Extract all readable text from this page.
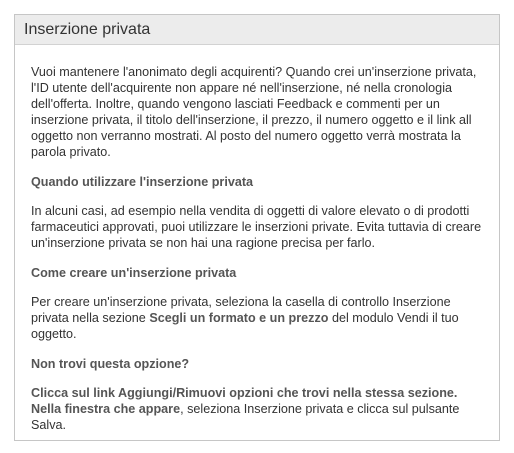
Inserzione privata

Vuoi mantenere l'anonimato degli acquirenti? Quando crei un'inserzione privata, l'ID utente dell'acquirente non appare né nell'inserzione, né nella cronologia dell'offerta. Inoltre, quando vengono lasciati Feedback e commenti per un inserzione privata, il titolo dell'inserzione, il prezzo, il numero oggetto e il link all oggetto non verranno mostrati. Al posto del numero oggetto verrà mostrata la parola privato.

Quando utilizzare l'inserzione privata

In alcuni casi, ad esempio nella vendita di oggetti di valore elevato o di prodotti farmaceutici approvati, puoi utilizzare le inserzioni private. Evita tuttavia di creare un'inserzione privata se non hai una ragione precisa per farlo.

Come creare un'inserzione privata

Per creare un'inserzione privata, seleziona la casella di controllo Inserzione privata nella sezione Scegli un formato e un prezzo del modulo Vendi il tuo oggetto.

Non trovi questa opzione?

Clicca sul link Aggiungi/Rimuovi opzioni che trovi nella stessa sezione. Nella finestra che appare, seleziona Inserzione privata e clicca sul pulsante Salva.
